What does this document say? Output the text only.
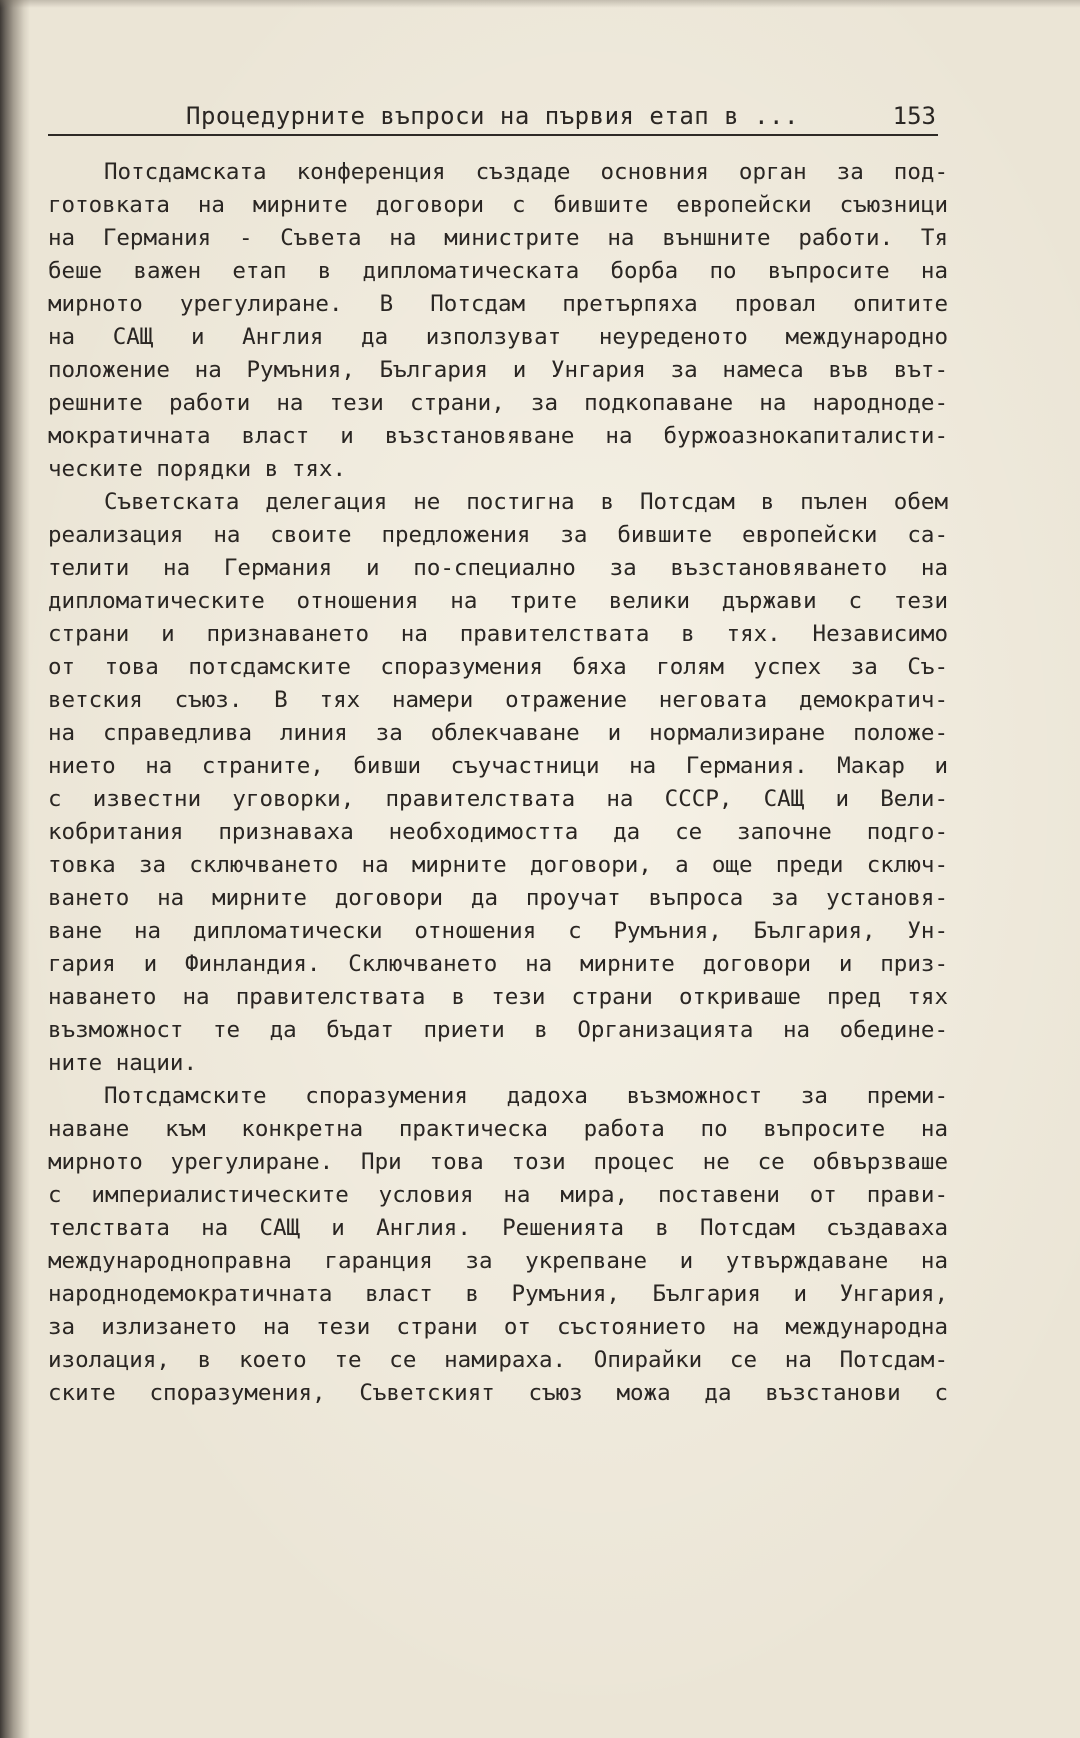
Процедурните въпроси на първия етап в ...	153
Потсдамската конференция създаде основния орган за под-
готовката на мирните договори с бившите европейски съюзници
на Германия - Съвета на министрите на външните работи. Тя
беше важен етап в дипломатическата борба по въпросите на
мирното урегулиране. В Потсдам претърпяха провал опитите
на САЩ и Англия да използуват неуреденото международно
положение на Румъния, България и Унгария за намеса във вът-
решните работи на тези страни, за подкопаване на народноде-
мократичната власт и възстановяване на буржоазнокапиталисти-
ческите порядки в тях.
Съветската делегация не постигна в Потсдам в пълен обем
реализация на своите предложения за бившите европейски са-
телити на Германия и по-специално за възстановяването на
дипломатическите отношения на трите велики държави с тези
страни и признаването на правителствата в тях. Независимо
от това потсдамските споразумения бяха голям успех за Съ-
ветския съюз. В тях намери отражение неговата демократич-
на справедлива линия за облекчаване и нормализиране положе-
нието на страните, бивши съучастници на Германия. Макар и
с известни уговорки, правителствата на СССР, САЩ и Вели-
кобритания признаваха необходимостта да се започне подго-
товка за сключването на мирните договори, а още преди сключ-
ването на мирните договори да проучат въпроса за установя-
ване на дипломатически отношения с Румъния, България, Ун-
гария и Финландия. Сключването на мирните договори и приз-
наването на правителствата в тези страни откриваше пред тях
възможност те да бъдат приети в Организацията на обедине-
ните нации.
Потсдамските споразумения дадоха възможност за преми-
наване към конкретна практическа работа по въпросите на
мирното урегулиране. При това този процес не се обвързваше
с империалистическите условия на мира, поставени от прави-
телствата на САЩ и Англия. Решенията в Потсдам създаваха
международноправна гаранция за укрепване и утвърждаване на
народнодемократичната власт в Румъния, България и Унгария,
за излизането на тези страни от състоянието на международна
изолация, в което те се намираха. Опирайки се на Потсдам-
ските споразумения, Съветският съюз можа да възстанови с
